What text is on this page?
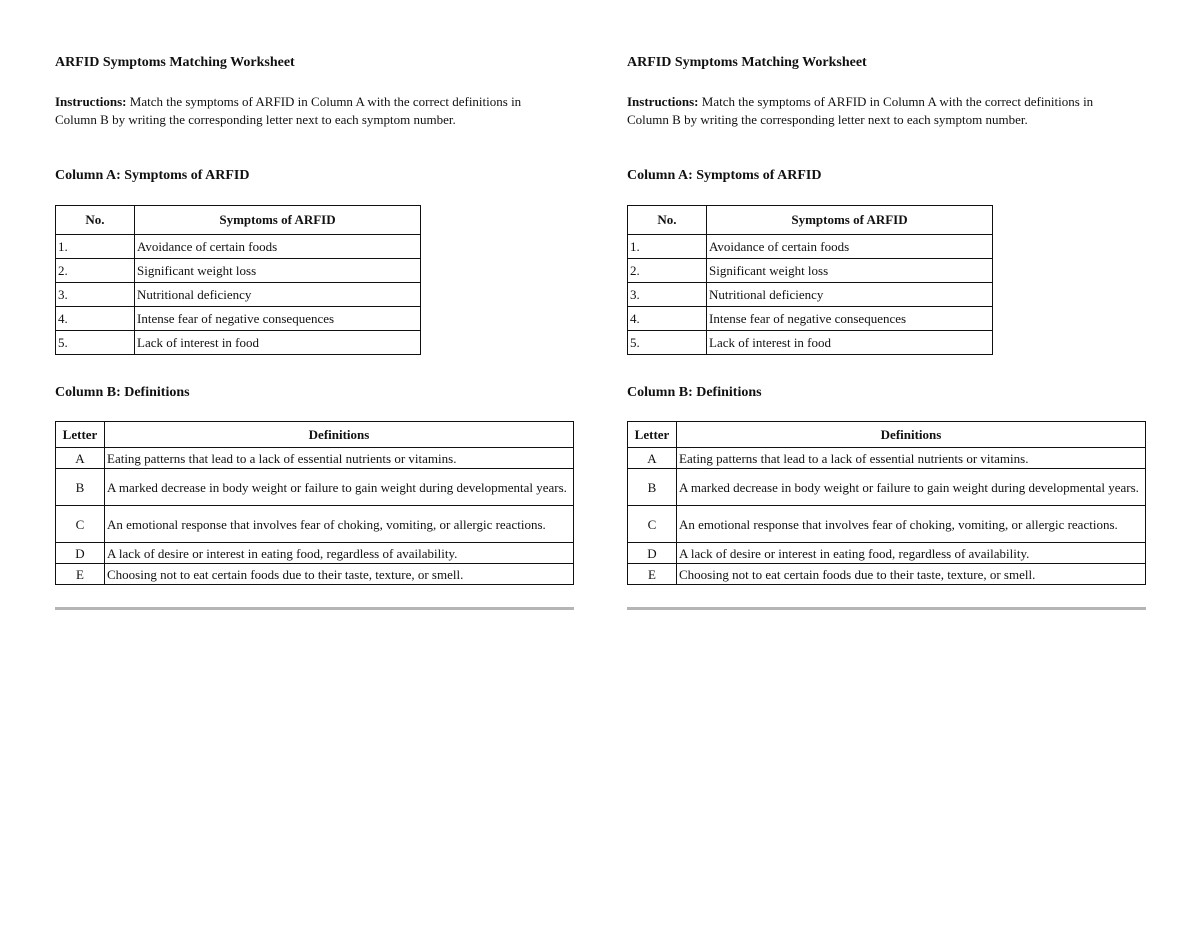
ARFID Symptoms Matching Worksheet
Instructions: Match the symptoms of ARFID in Column A with the correct definitions in Column B by writing the corresponding letter next to each symptom number.
Column A: Symptoms of ARFID
No.	Symptoms of ARFID
1.	Avoidance of certain foods
2.	Significant weight loss
3.	Nutritional deficiency
4.	Intense fear of negative consequences
5.	Lack of interest in food
Column B: Definitions
Letter	Definitions
A	Eating patterns that lead to a lack of essential nutrients or vitamins.
B	A marked decrease in body weight or failure to gain weight during developmental years.
C	An emotional response that involves fear of choking, vomiting, or allergic reactions.
D	A lack of desire or interest in eating food, regardless of availability.
E	Choosing not to eat certain foods due to their taste, texture, or smell.
ARFID Symptoms Matching Worksheet
Instructions: Match the symptoms of ARFID in Column A with the correct definitions in Column B by writing the corresponding letter next to each symptom number.
Column A: Symptoms of ARFID
No.	Symptoms of ARFID
1.	Avoidance of certain foods
2.	Significant weight loss
3.	Nutritional deficiency
4.	Intense fear of negative consequences
5.	Lack of interest in food
Column B: Definitions
Letter	Definitions
A	Eating patterns that lead to a lack of essential nutrients or vitamins.
B	A marked decrease in body weight or failure to gain weight during developmental years.
C	An emotional response that involves fear of choking, vomiting, or allergic reactions.
D	A lack of desire or interest in eating food, regardless of availability.
E	Choosing not to eat certain foods due to their taste, texture, or smell.
